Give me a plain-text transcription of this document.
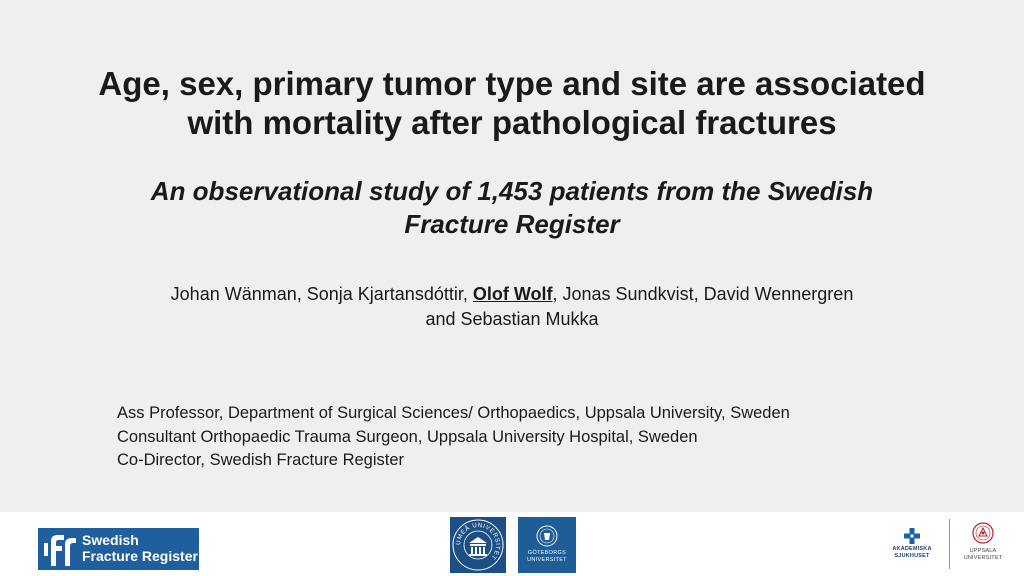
Age, sex, primary tumor type and site are associated
with mortality after pathological fractures
An observational study of 1,453 patients from the Swedish
Fracture Register
Johan Wänman, Sonja Kjartansdóttir, Olof Wolf, Jonas Sundkvist, David Wennergren
and Sebastian Mukka
Ass Professor, Department of Surgical Sciences/ Orthopaedics, Uppsala University, Sweden
Consultant Orthopaedic Trauma Surgeon, Uppsala University Hospital, Sweden
Co-Director, Swedish Fracture Register
Swedish
Fracture Register
UMEÅ UNIVERSITET
GÖTEBORGS
UNIVERSITET
AKADEMISKA
SJUKHUSET
UPPSALA
UNIVERSITET
